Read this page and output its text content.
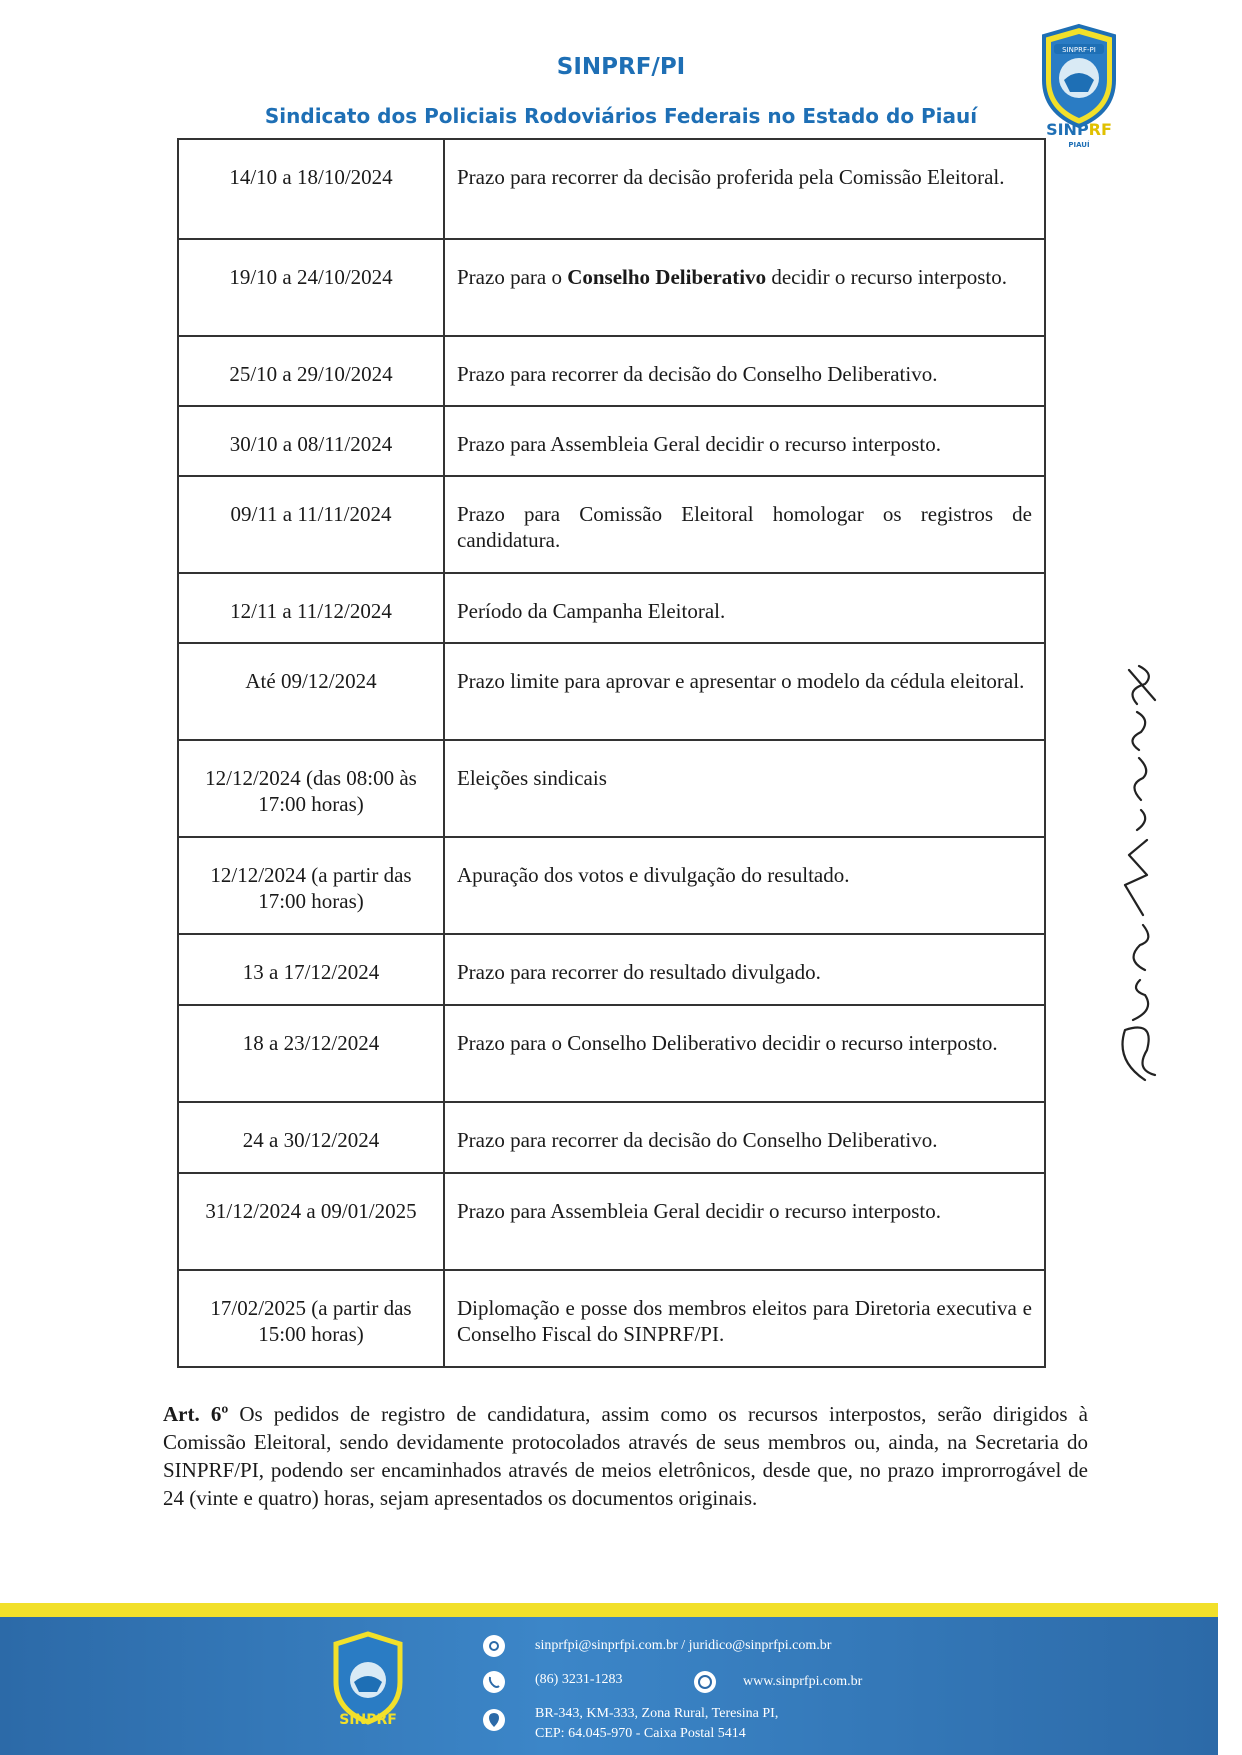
SINPRF/PI
Sindicato dos Policiais Rodoviários Federais no Estado do Piauí
SINPRF-PI
SINPRF
PIAUÍ
14/10 a 18/10/2024	Prazo para recorrer da decisão proferida pela Comissão Eleitoral.
19/10 a 24/10/2024	Prazo para o Conselho Deliberativo decidir o recurso interposto.
25/10 a 29/10/2024	Prazo para recorrer da decisão do Conselho Deliberativo.
30/10 a 08/11/2024	Prazo para Assembleia Geral decidir o recurso interposto.
09/11 a 11/11/2024	Prazo para Comissão Eleitoral homologar os registros de candidatura.
12/11 a 11/12/2024	Período da Campanha Eleitoral.
Até 09/12/2024	Prazo limite para aprovar e apresentar o modelo da cédula eleitoral.
12/12/2024 (das 08:00 às 17:00 horas)	Eleições sindicais
12/12/2024 (a partir das 17:00 horas)	Apuração dos votos e divulgação do resultado.
13 a 17/12/2024	Prazo para recorrer do resultado divulgado.
18 a 23/12/2024	Prazo para o Conselho Deliberativo decidir o recurso interposto.
24 a 30/12/2024	Prazo para recorrer da decisão do Conselho Deliberativo.
31/12/2024 a 09/01/2025	Prazo para Assembleia Geral decidir o recurso interposto.
17/02/2025 (a partir das 15:00 horas)	Diplomação e posse dos membros eleitos para Diretoria executiva e Conselho Fiscal do SINPRF/PI.
Art. 6º Os pedidos de registro de candidatura, assim como os recursos interpostos, serão dirigidos à Comissão Eleitoral, sendo devidamente protocolados através de seus membros ou, ainda, na Secretaria do SINPRF/PI, podendo ser encaminhados através de meios eletrônicos, desde que, no prazo improrrogável de 24 (vinte e quatro) horas, sejam apresentados os documentos originais.
SINPRF
sinprfpi@sinprfpi.com.br / juridico@sinprfpi.com.br
(86) 3231-1283	www.sinprfpi.com.br
BR-343, KM-333, Zona Rural, Teresina PI,
CEP: 64.045-970 - Caixa Postal 5414
